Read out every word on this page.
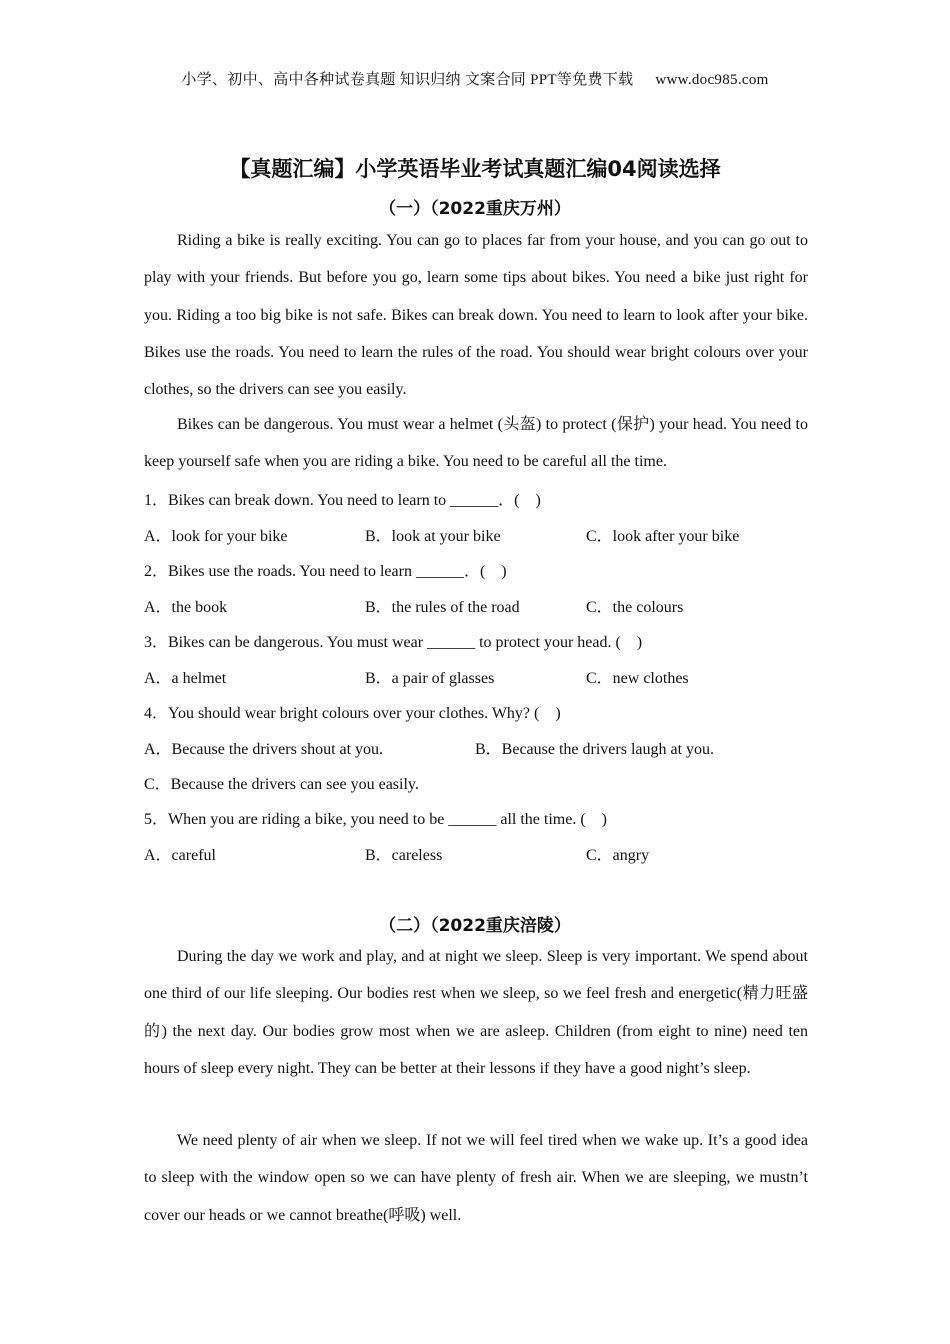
小学、初中、高中各种试卷真题 知识归纳 文案合同 PPT等免费下载 www.doc985.com
【真题汇编】小学英语毕业考试真题汇编04阅读选择
（一）（2022重庆万州）

Riding a bike is really exciting. You can go to places far from your house, and you can go out to play with your friends. But before you go, learn some tips about bikes. You need a bike just right for you. Riding a too big bike is not safe. Bikes can break down. You need to learn to look after your bike. Bikes use the roads. You need to learn the rules of the road. You should wear bright colours over your clothes, so the drivers can see you easily.

Bikes can be dangerous. You must wear a helmet (头盔) to protect (保护) your head. You need to keep yourself safe when you are riding a bike. You need to be careful all the time.

1．Bikes can break down. You need to learn to ______．(　)
A．look for your bike	B．look at your bike	C．look after your bike
2．Bikes use the roads. You need to learn ______．(　)
A．the book	B．the rules of the road	C．the colours
3．Bikes can be dangerous. You must wear ______ to protect your head. (　)
A．a helmet	B．a pair of glasses	C．new clothes
4．You should wear bright colours over your clothes. Why? (　)
A．Because the drivers shout at you.	B．Because the drivers laugh at you.
C．Because the drivers can see you easily.
5．When you are riding a bike, you need to be ______ all the time. (　)
A．careful	B．careless	C．angry
（二）（2022重庆涪陵）

During the day we work and play, and at night we sleep. Sleep is very important. We spend about one third of our life sleeping. Our bodies rest when we sleep, so we feel fresh and energetic(精力旺盛的) the next day. Our bodies grow most when we are asleep. Children (from eight to nine) need ten hours of sleep every night. They can be better at their lessons if they have a good night’s sleep.

We need plenty of air when we sleep. If not we will feel tired when we wake up. It’s a good idea to sleep with the window open so we can have plenty of fresh air. When we are sleeping, we mustn’t cover our heads or we cannot breathe(呼吸) well.
